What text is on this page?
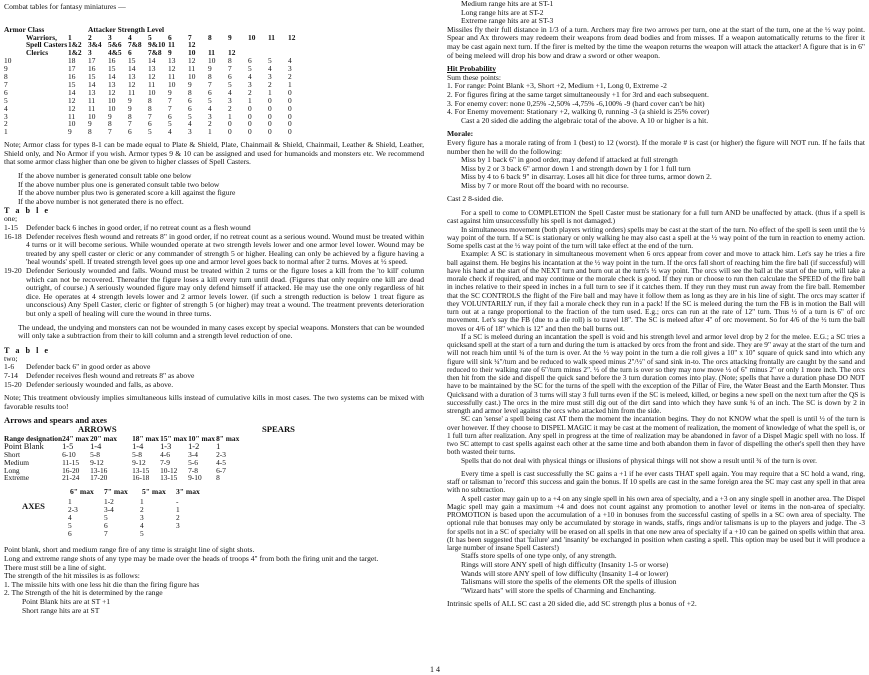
Combat tables for fantasy miniatures —
Armor Class	Attacker Strength Level											
Warriors,	1	2	3	4	5	6	7	8	9	10	11	12
Spell Casters	1&2	3&4	5&6	7&8	9&10	11	12					
Clerics	1&2	3	4&5	6	7&8	9	10	11	12			
10	18	17	16	15	14	13	12	10	8	6	5	4
9	17	16	15	14	13	12	11	9	7	5	4	3
8	16	15	14	13	12	11	10	8	6	4	3	2
7	15	14	13	12	11	10	9	7	5	3	2	1
6	14	13	12	11	10	9	8	6	4	2	1	0
5	12	11	10	9	8	7	6	5	3	1	0	0
4	12	11	10	9	8	7	6	4	2	0	0	0
3	11	10	9	8	7	6	5	3	1	0	0	0
2	10	9	8	7	6	5	4	2	0	0	0	0
1	9	8	7	6	5	4	3	1	0	0	0	0
Note; Armor class for types 8-1 can be made equal to Plate & Shield, Plate, Chainmail & Shield, Chainmail, Leather & Shield, Leather, Shield only, and No Armor if you wish. Armor types 9 & 10 can be assigned and used for humanoids and monsters etc. We recommend that some armor class higher than one be given to higher classes of Spell Casters.
If the above number is generated consult table one below
If the above number plus one is generated consult table two below
If the above number plus two is generated score a kill against the figure
If the above number is not generated there is no effect.
T a b l e
one;
1-15	Defender back 6 inches in good order, if no retreat count as a flesh wound
16-18 Defender receives flesh wound and retreats 8" in good order, if no retreat count as a serious wound. Wound must be treated within 4 turns or it will become serious. While wounded operate at two strength levels lower and one armor level lower. Wound may be treated by any spell caster or cleric or any commander of strength 5 or higher. Healing can only be achieved by a figure having a 'heal wounds' spell. If treated strength level goes up one and armor level goes back to normal after 2 turns. Moves at ½ speed.
19-20 Defender Seriously wounded and falls. Wound must be treated within 2 turns or the figure loses a kill from the 'to kill' column which can not be recovered. Thereafter the figure loses a kill every turn until dead. (Figures that only require one kill are dead outright, of course.) A seriously wounded figure may only defend himself if attacked. He may use the one only regardless of hit dice. He operates at 4 strength levels lower and 2 armor levels lower. (if such a strength reduction is below 1 treat figure as unconscious) Any Spell Caster, cleric or fighter of strength 5 (or higher) may treat a wound. The treatment prevents deterioration but only a spell of healing will cure the wound in three turns.
The undead, the undying and monsters can not be wounded in many cases except by special weapons. Monsters that can be wounded will only take a subtraction from their to kill column and a strength level reduction of one.
T a b l e
two;
1-6	Defender back 6" in good order as above
7-14	Defender receives flesh wound and retreats 8" as above
15-20 Defender seriously wounded and falls, as above.
Note; This treatment obviously implies simultaneous kills instead of cumulative kills in most cases. The two systems can be mixed with favorable results too!
Arrows and spears and axes
ARROWS	SPEARS
Range designation	24" max	20" max		18" max	15" max	10" max	8" max
Point Blank	1-5	1-4		1-4	1-3	1-2	1
Short	6-10	5-8		5-8	4-6	3-4	2-3
Medium	11-15	9-12		9-12	7-9	5-6	4-5
Long	16-20	13-16		13-15	10-12	7-8	6-7
Extreme	21-24	17-20		16-18	13-15	9-10	8
6" max 7" max 5" max 3" max
AXES	1	1-2	1	-
2-3	3-4	2	1
4	5	3	2
5	6	4	3
6	7	5	
Point blank, short and medium range fire of any time is straight line of sight shots.
Long and extreme range shots of any type may be made over the heads of troops 4" from both the firing unit and the target.
There must still be a line of sight.
The strength of the hit missiles is as follows:
1. The missile hits with one less hit die than the firing figure has
2. The Strength of the hit is determined by the range
Point Blank hits are at ST +1
Short range hits are at ST
Medium range hits are at ST-1
Long range hits are at ST-2
Extreme range hits are at ST-3
Missiles fly their full distance in 1/3 of a turn. Archers may fire two arrows per turn, one at the start of the turn, one at the ½ way point. Spear and Ax throwers may redeem their weapons from dead bodies and from misses. If a weapon automatically returns to the firer it may be cast again next turn. If the firer is melted by the time the weapon returns the weapon will attack the attacker! A figure that is in 6" of being meleed will drop his bow and draw a sword or other weapon.
Hit Probability
Sum these points:
1. For range: Point Blank +3, Short +2, Medium +1, Long 0, Extreme -2
2. For figures firing at the same target simultaneously +1 for 3rd and each subsequent.
3. For enemy cover: none 0,25% -2,50% -4,75% -6,100% -9 (hard cover can't be hit)
4. For Enemy movement: Stationary +2, walking 0, running -3 (a shield is 25% cover)
Cast a 20 sided die adding the algebraic total of the above. A 10 or higher is a hit.
Morale:
Every figure has a morale rating of from 1 (best) to 12 (worst). If the morale # is cast (or higher) the figure will NOT run. If he fails that number then he will do the following:
Miss by 1 back 6" in good order, may defend if attacked at full strength
Miss by 2 or 3 back 6" armor down 1 and strength down by 1 for 1 full turn
Miss by 4 to 6 back 9" in disarray. Loses all hit dice for three turns, armor down 2.
Miss by 7 or more Rout off the board with no recourse.
Cast 2 8-sided die.
For a spell to come to COMPLETION the Spell Caster must be stationary for a full turn AND be unaffected by attack. (thus if a spell is cast against him unsuccessfully his spell is not damaged.)
In simultaneous movement (both players writing orders) spells may be cast at the start of the turn. No effect of the spell is seen until the ½ way point of the turn. If a SC is stationary or only walking he may also cast a spell at the ½ way point of the turn in reaction to enemy action. Some spells cast at the ½ way point of the turn will take effect at the end of the turn.
Example: A SC is stationary in simultaneous movement when 6 orcs appear from cover and move to attack him. Let's say he tries a fire ball against them. He begins his incantation at the ½ way point in the turn. If the orcs fall short of reaching him the fire ball (if successful) will have his hand at the start of the NEXT turn and burn out at the turn's ½ way point. The orcs will see the ball at the start of the turn, will take a morale check if required, and may continue or the morale check is good. If they run or choose to run then calculate the SPEED of the fire ball in inches relative to their speed in inches in a full turn to see if it catches them. If they run they must run away from the fire ball. Remember that the SC CONTROLS the flight of the Fire ball and may have it follow them as long as they are in his line of sight. The orcs may scatter if they VOLUNTARILY run, if they fail a morale check they run in a pack! If the SC is meleed during the turn the FB is in motion the Ball will turn out at a range proportional to the fraction of the turn used. E.g.; orcs can run at the rate of 12" turn. Thus ½ of a turn is 6" of orc movement. Let's say the FB (due to a die roll) is to travel 18". The SC is meleed after 4" of orc movement. So for 4/6 of the ½ turn the ball moves or 4/6 of 18" which is 12" and then the ball burns out.
If a SC is meleed during an incantation the spell is void and his strength level and armor level drop by 2 for the melee. E.G.; a SC tries a quicksand spell at the start of a turn and during the turn is attacked by orcs from the front and side. They are 9" away at the start of the turn and will not reach him until ¾ of the turn is over. At the ½ way point in the turn a die roll gives a 10" x 10" square of quick sand into which any figure will sink ¼"/turn and be reduced to walk speed minus 2"/½" of sand sink in-to. The orcs attacking frontally are caught by the sand and reduced to their walking rate of 6"/turn minus 2". ½ of the turn is over so they may now move ½ of 6" minus 2" or only 1 more inch. The orcs then hit from the side and dispell the quick sand before the 3 turn duration comes into play. (Note; spells that have a duration phase DO NOT have to be maintained by the SC for the turns of the spell with the exception of the Pillar of Fire, the Water Beast and the Earth Monster. Thus Quicksand with a duration of 3 turns will stay 3 full turns even if the SC is meleed, killed, or begins a new spell on the next turn after the QS is successfully cast.) The orcs in the mire must still dig out of the dirt sand into which they have sunk ¼ of an inch. The SC is down by 2 in strength and armor level against the orcs who attacked him from the side.
SC can 'sense' a spell being cast AT them the moment the incantation begins. They do not KNOW what the spell is until ½ of the turn is over however. If they choose to DISPEL MAGIC it may be cast at the moment of realization, the moment of knowledge of what the spell is, or 1 full turn after realization. Any spell in progress at the time of realization may be abandoned in favor of a Dispel Magic spell with no loss. If two SC attempt to cast spells against each other at the same time and both abandon them in favor of dispelling the other's spell then they have both wasted their turns.
Spells that do not deal with physical things or illusions of physical things will not show a result until ¾ of the turn is over.
Every time a spell is cast successfully the SC gains a +1 if he ever casts THAT spell again. You may require that a SC hold a wand, ring, staff or talisman to 'record' this success and gain the bonus. If 10 spells are cast in the same foreign area the SC may cast any spell in that area with no subtraction.
A spell caster may gain up to a +4 on any single spell in his own area of specialty, and a +3 on any single spell in another area. The Dispel Magic spell may gain a maximum +4 and does not count against any promotion to another level or items in the non-area of specialty. PROMOTION is based upon the accumulation of a +10 in bonuses from the successful casting of spells in a SC own area of specialty. The optional rule that bonuses may only be accumulated by storage in wands, staffs, rings and/or talismans is up to the players and judge. The -3 for spells not in a SC of specialty will be erased on all spells in that one new area of specialty if a +10 can be gained on spells within that area. (It has been suggested that 'failure' and 'insanity' be exchanged in position when casting a spell. This option may be used but it will produce a large number of insane Spell Casters!)
Staffs store spells of one type only, of any strength.
Rings will store ANY spell of high difficulty (Insanity 1-5 or worse)
Wands will store ANY spell of low difficulty (Insanity 1-4 or lower)
Talismans will store the spells of the elements OR the spells of illusion
"Wizard hats" will store the spells of Charming and Enchanting.
Intrinsic spells of ALL SC cast a 20 sided die, add SC strength plus a bonus of +2.
1 4
